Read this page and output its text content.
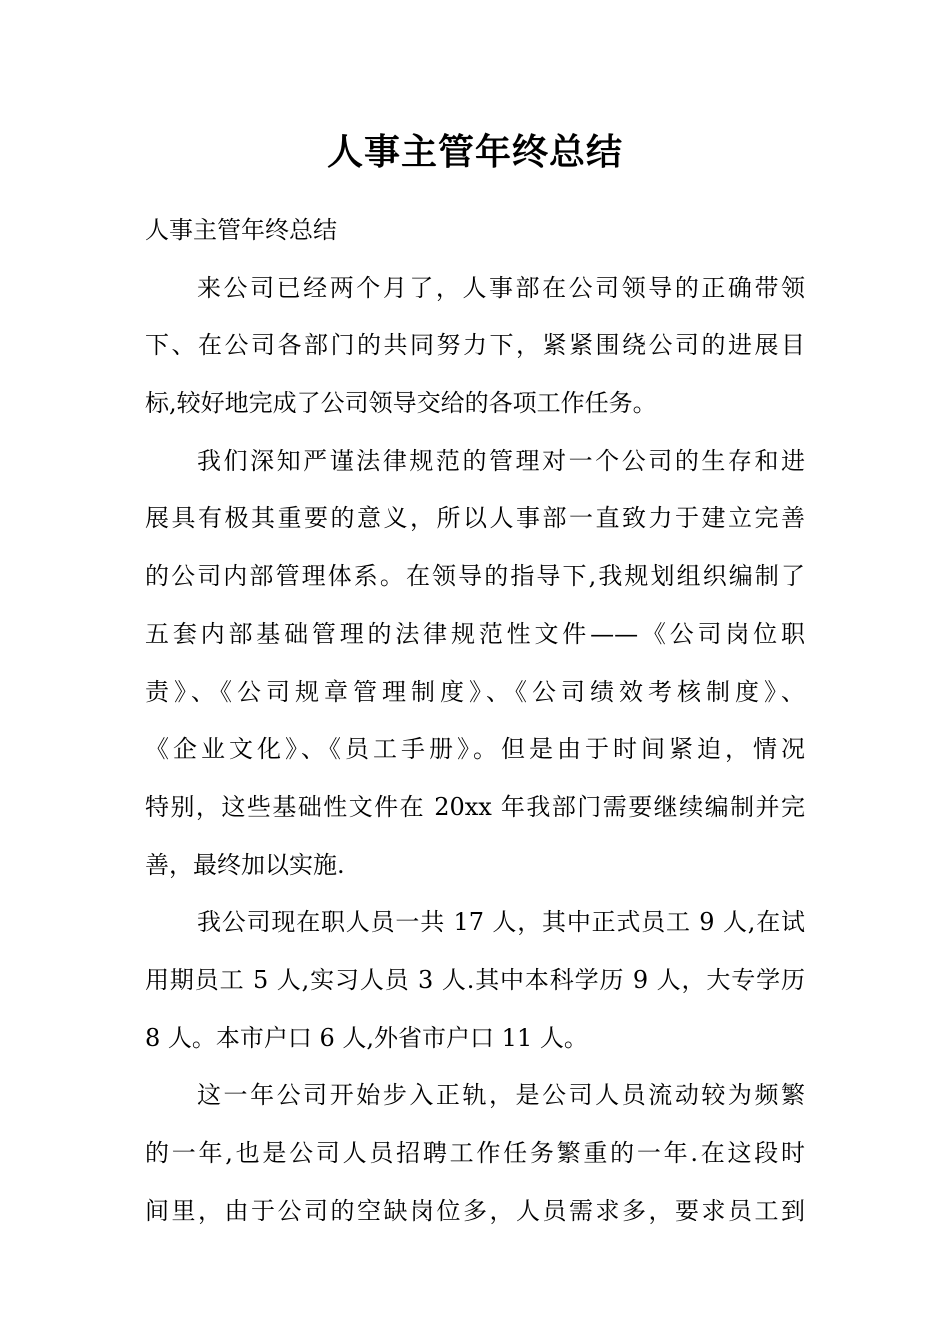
人事主管年终总结
人事主管年终总结
来公司已经两个月了，人事部在公司领导的正确带领
下、在公司各部门的共同努力下，紧紧围绕公司的进展目
标,较好地完成了公司领导交给的各项工作任务。
我们深知严谨法律规范的管理对一个公司的生存和进
展具有极其重要的意义，所以人事部一直致力于建立完善
的公司内部管理体系。在领导的指导下,我规划组织编制了
五套内部基础管理的法律规范性文件——《公司岗位职
责》、《公司规章管理制度》、《公司绩效考核制度》、
《企业文化》、《员工手册》。但是由于时间紧迫，情况
特别，这些基础性文件在 20xx 年我部门需要继续编制并完
善，最终加以实施.
我公司现在职人员一共 17 人，其中正式员工 9 人,在试
用期员工 5 人,实习人员 3 人.其中本科学历 9 人，大专学历
8 人。本市户口 6 人,外省市户口 11 人。
这一年公司开始步入正轨，是公司人员流动较为频繁
的一年,也是公司人员招聘工作任务繁重的一年.在这段时
间里，由于公司的空缺岗位多，人员需求多，要求员工到
